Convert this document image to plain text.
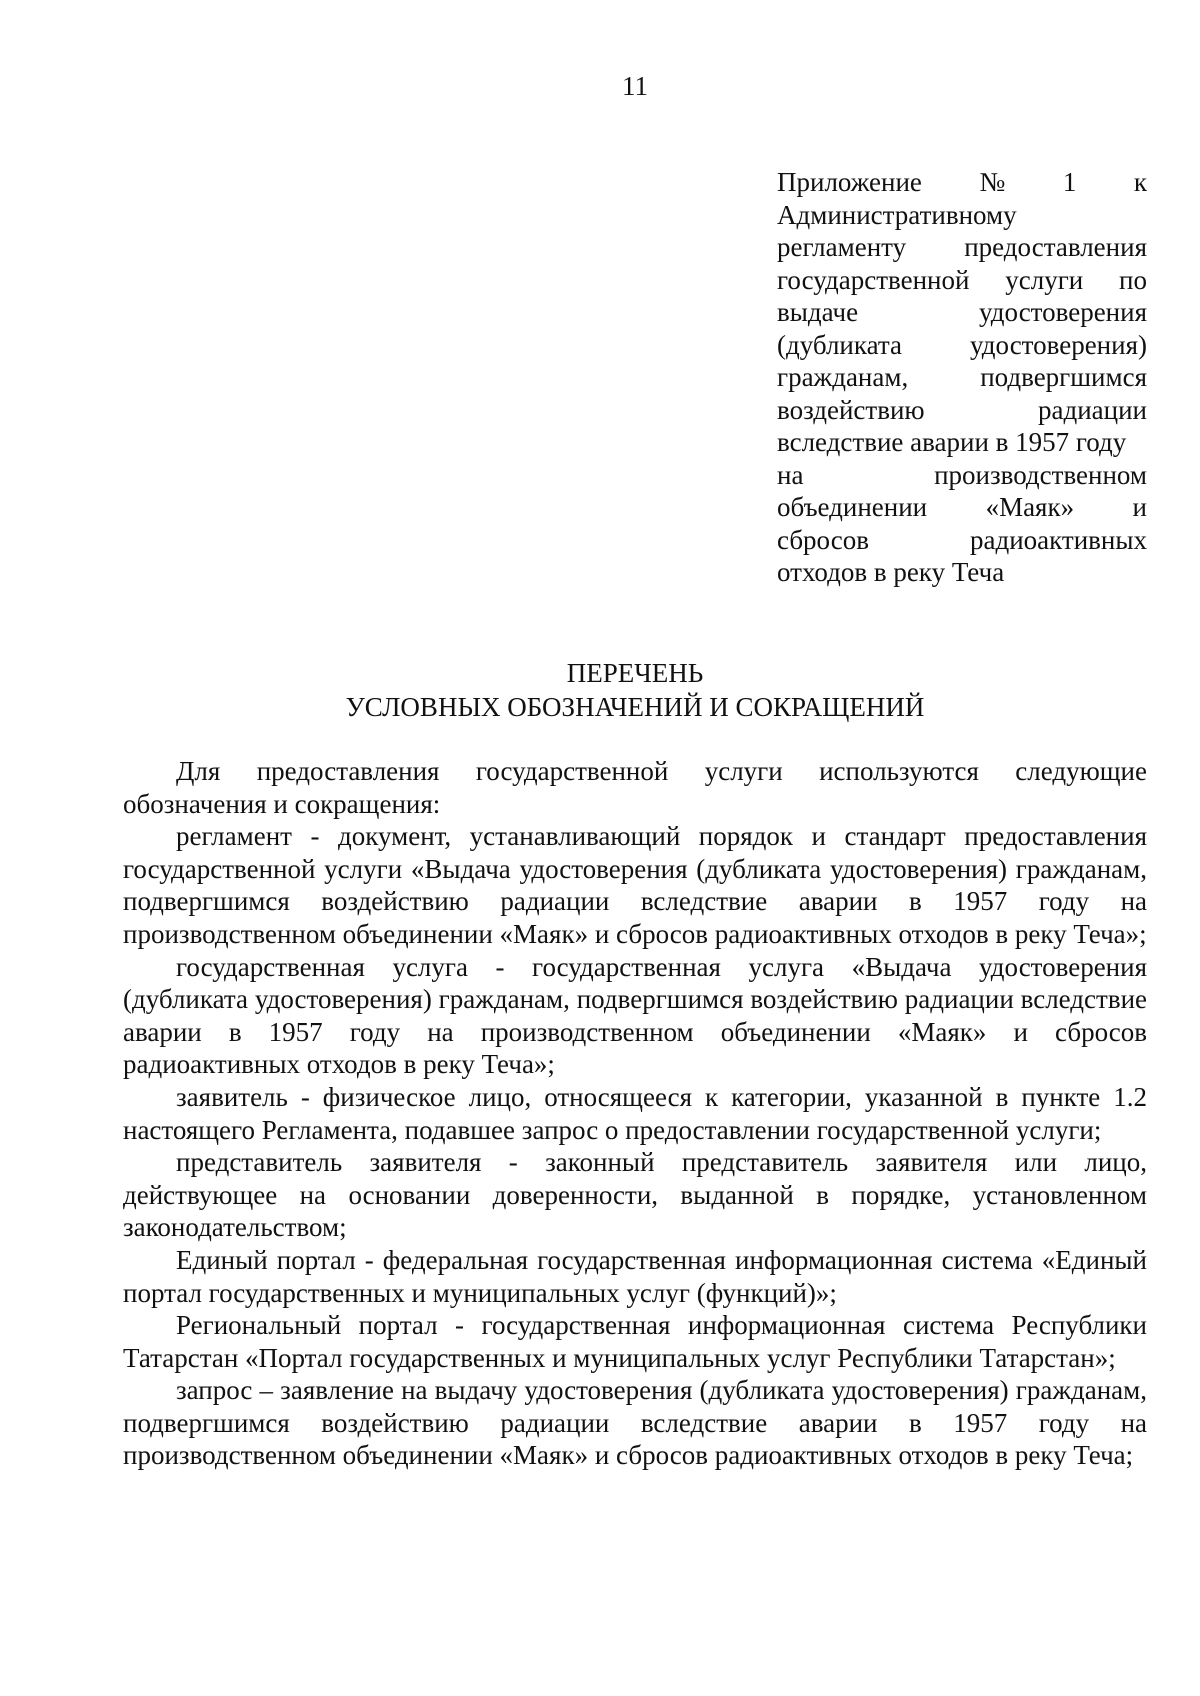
11
Приложение № 1 к
Административному
регламенту предоставления
государственной услуги по
выдаче	удостоверения
(дубликата	удостоверения)
гражданам,	подвергшимся
воздействию	радиации
вследствие аварии в 1957 году
на	производственном
объединении «Маяк» и
сбросов	радиоактивных
отходов в реку Теча
ПЕРЕЧЕНЬ
УСЛОВНЫХ ОБОЗНАЧЕНИЙ И СОКРАЩЕНИЙ

Для предоставления государственной услуги используются следующие обозначения и сокращения:

регламент - документ, устанавливающий порядок и стандарт предоставления государственной услуги «Выдача удостоверения (дубликата удостоверения) гражданам, подвергшимся воздействию радиации вследствие аварии в 1957 году на производственном объединении «Маяк» и сбросов радиоактивных отходов в реку Теча»;

государственная услуга - государственная услуга «Выдача удостоверения (дубликата удостоверения) гражданам, подвергшимся воздействию радиации вследствие аварии в 1957 году на производственном объединении «Маяк» и сбросов радиоактивных отходов в реку Теча»;

заявитель - физическое лицо, относящееся к категории, указанной в пункте 1.2 настоящего Регламента, подавшее запрос о предоставлении государственной услуги;

представитель заявителя - законный представитель заявителя или лицо, действующее на основании доверенности, выданной в порядке, установленном законодательством;

Единый портал - федеральная государственная информационная система «Единый портал государственных и муниципальных услуг (функций)»;

Региональный портал - государственная информационная система Республики Татарстан «Портал государственных и муниципальных услуг Республики Татарстан»;

запрос – заявление на выдачу удостоверения (дубликата удостоверения) гражданам, подвергшимся воздействию радиации вследствие аварии в 1957 году на производственном объединении «Маяк» и сбросов радиоактивных отходов в реку Теча;
